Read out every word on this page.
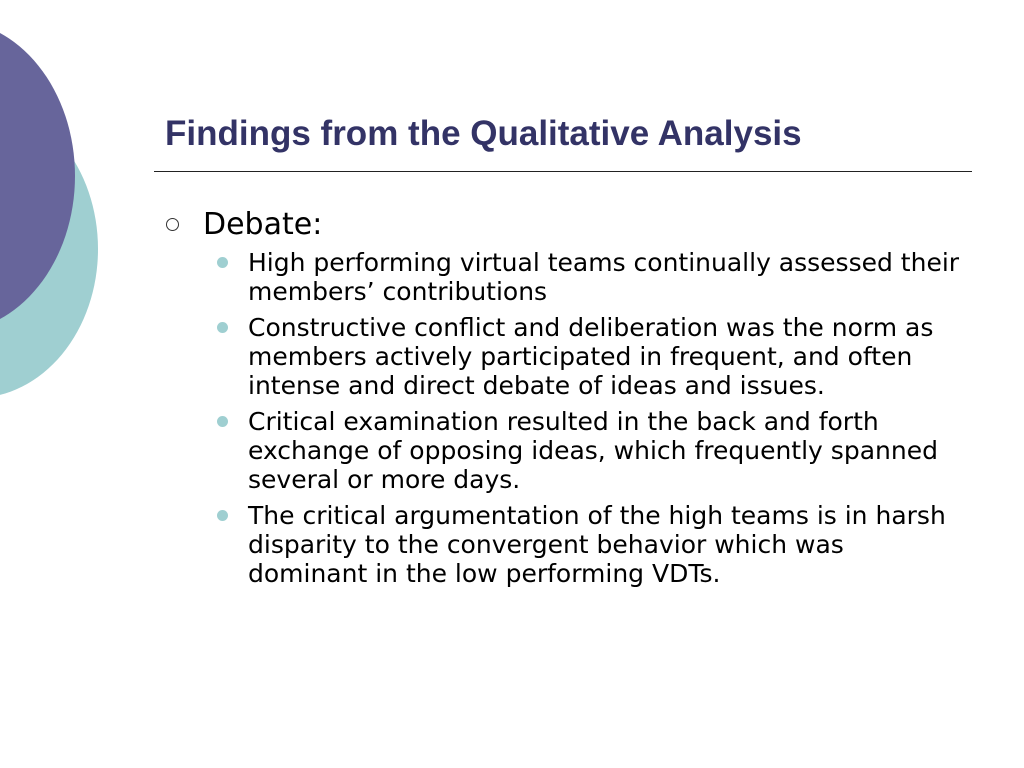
Findings from the Qualitative Analysis
Debate:
High performing virtual teams continually assessed their members’ contributions
Constructive conflict and deliberation was the norm as members actively participated in frequent, and often intense and direct debate of ideas and issues.
Critical examination resulted in the back and forth exchange of opposing ideas, which frequently spanned several or more days.
The critical argumentation of the high teams is in harsh disparity to the convergent behavior which was dominant in the low performing VDTs.
